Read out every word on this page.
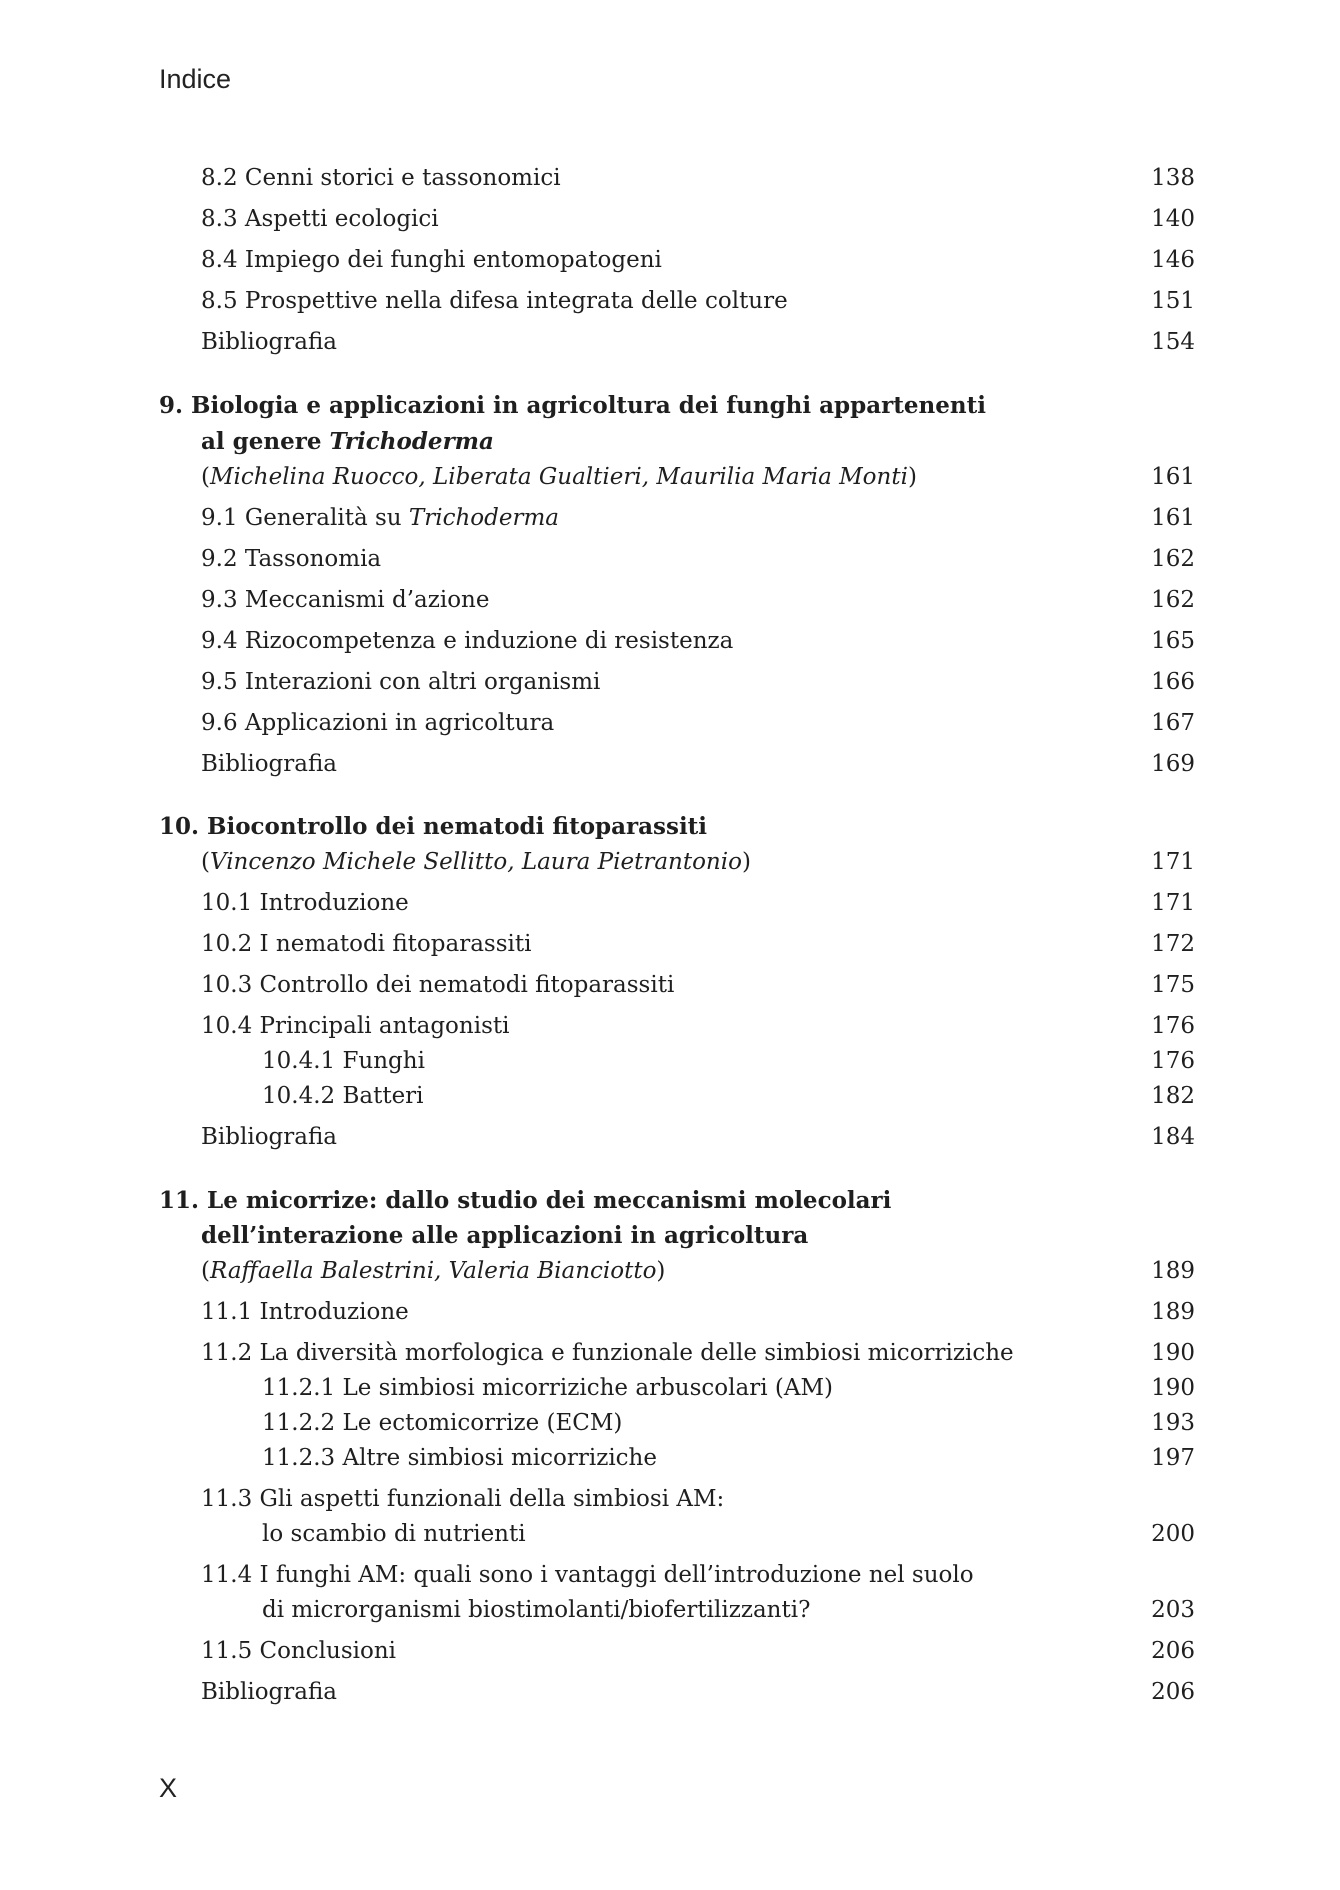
Indice
8.2 Cenni storici e tassonomici	138
8.3 Aspetti ecologici	140
8.4 Impiego dei funghi entomopatogeni	146
8.5 Prospettive nella difesa integrata delle colture	151
Bibliografia	154
9. Biologia e applicazioni in agricoltura dei funghi appartenenti
al genere Trichoderma
(Michelina Ruocco, Liberata Gualtieri, Maurilia Maria Monti)	161
9.1 Generalità su Trichoderma	161
9.2 Tassonomia	162
9.3 Meccanismi d’azione	162
9.4 Rizocompetenza e induzione di resistenza	165
9.5 Interazioni con altri organismi	166
9.6 Applicazioni in agricoltura	167
Bibliografia	169
10. Biocontrollo dei nematodi fitoparassiti
(Vincenzo Michele Sellitto, Laura Pietrantonio)	171
10.1 Introduzione	171
10.2 I nematodi fitoparassiti	172
10.3 Controllo dei nematodi fitoparassiti	175
10.4 Principali antagonisti	176
10.4.1 Funghi	176
10.4.2 Batteri	182
Bibliografia	184
11. Le micorrize: dallo studio dei meccanismi molecolari
dell’interazione alle applicazioni in agricoltura
(Raffaella Balestrini, Valeria Bianciotto)	189
11.1 Introduzione	189
11.2 La diversità morfologica e funzionale delle simbiosi micorriziche	190
11.2.1 Le simbiosi micorriziche arbuscolari (AM)	190
11.2.2 Le ectomicorrize (ECM)	193
11.2.3 Altre simbiosi micorriziche	197
11.3 Gli aspetti funzionali della simbiosi AM:
lo scambio di nutrienti	200
11.4 I funghi AM: quali sono i vantaggi dell’introduzione nel suolo
di microrganismi biostimolanti/biofertilizzanti?	203
11.5 Conclusioni	206
Bibliografia	206
X
